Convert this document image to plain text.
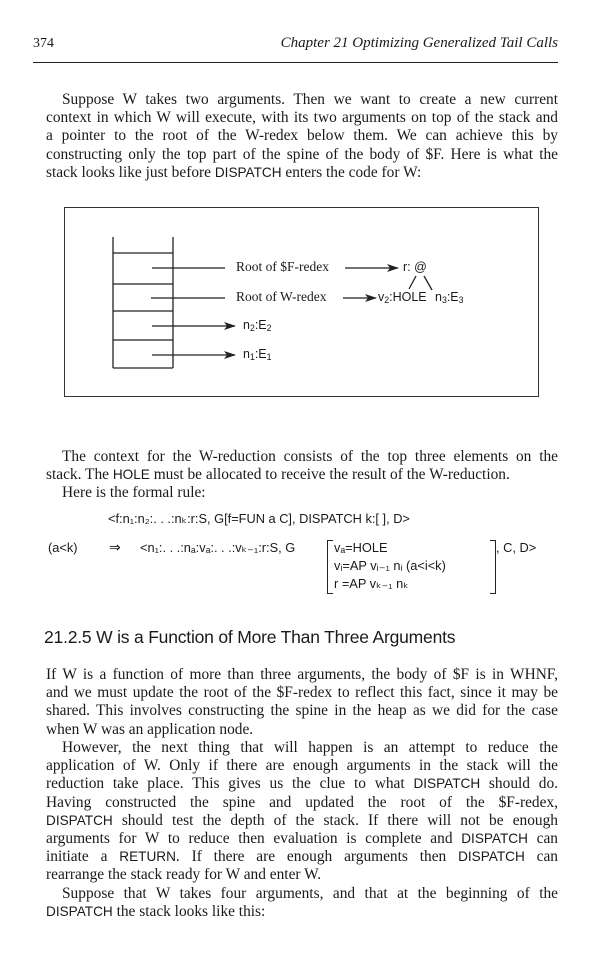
374	Chapter 21 Optimizing Generalized Tail Calls
Suppose W takes two arguments. Then we want to create a new current
context in which W will execute, with its two arguments on top of the stack and
a pointer to the root of the W-redex below them. We can achieve this by
constructing only the top part of the spine of the body of $F. Here is what the
stack looks like just before DISPATCH enters the code for W:
Root of $F-redex
Root of W-redex
r: @
$v_2:HOLE$ $n_3:E_3$
$n_2:E_2$
$n_1:E_1$
The context for the W-reduction consists of the top three elements on the
stack. The HOLE must be allocated to receive the result of the W-reduction.
Here is the formal rule:
<f:n₁:n₂:. . .:nₖ:r:S, G[f=FUN a C], DISPATCH k:[ ], D>
(a<k) ⇒ <n₁:. . .:nₐ:vₐ:. . .:vₖ₋₁:r:S, G	vₐ=HOLE
vᵢ=AP vᵢ₋₁ nᵢ (a<i<k)
r =AP vₖ₋₁ nₖ
, C, D>
21.2.5 W is a Function of More Than Three Arguments
If W is a function of more than three arguments, the body of $F is in WHNF,
and we must update the root of the $F-redex to reflect this fact, since it may be
shared. This involves constructing the spine in the heap as we did for the case
when W was an application node.
However, the next thing that will happen is an attempt to reduce the
application of W. Only if there are enough arguments in the stack will the
reduction take place. This gives us the clue to what DISPATCH should do.
Having constructed the spine and updated the root of the $F-redex,
DISPATCH should test the depth of the stack. If there will not be enough
arguments for W to reduce then evaluation is complete and DISPATCH can
initiate a RETURN. If there are enough arguments then DISPATCH can
rearrange the stack ready for W and enter W.
Suppose that W takes four arguments, and that at the beginning of the
DISPATCH the stack looks like this:
